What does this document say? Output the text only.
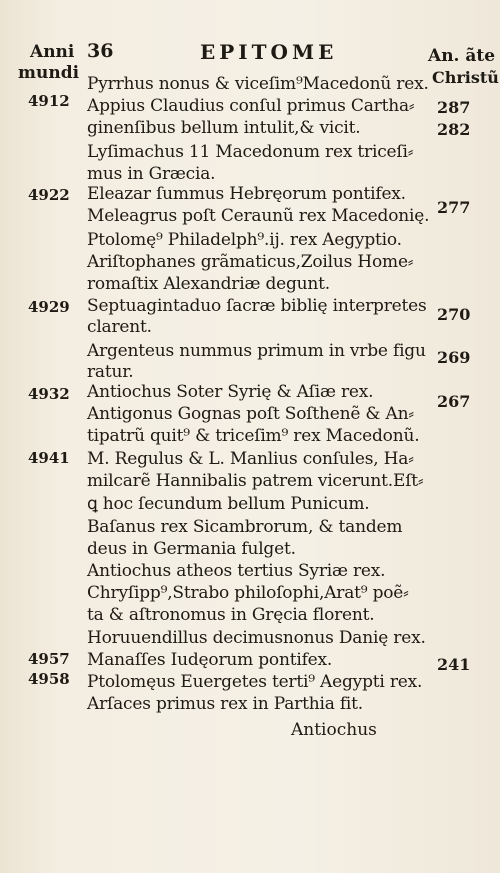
Anni
mundi
36	EPITOME	An. ãte
Christũ
4912
4922
4929
4932
4941
4957
4958
287
282
277
270
269
267
241
Pyrrhus nonus & viceſim⁹Macedonũ rex.
Appius Claudius conſul primus Cartha⸗
ginenſibus bellum intulit,& vicit.
Lyſimachus 11 Macedonum rex triceſi⸗
mus in Græcia.
Eleazar ſummus Hebręorum pontifex.
Meleagrus poſt Ceraunũ rex Macedonię.
Ptolomę⁹ Philadelph⁹.ij. rex Aegyptio.
Ariſtophanes grãmaticus,Zoilus Home⸗
romaſtix Alexandriæ degunt.
Septuagintaduo ſacræ biblię interpretes
clarent.
Argenteus nummus primum in vrbe figu
ratur.
Antiochus Soter Syrię & Aſiæ rex.
Antigonus Gognas poſt Soſthenẽ & An⸗
tipatrũ quit⁹ & triceſim⁹ rex Macedonũ.
M. Regulus & L. Manlius conſules, Ha⸗
milcarẽ Hannibalis patrem vicerunt.Eſt⸗
ꝗ hoc ſecundum bellum Punicum.
Baſanus rex Sicambrorum, & tandem
deus in Germania fulget.
Antiochus atheos tertius Syriæ rex.
Chryſipp⁹,Strabo philoſophi,Arat⁹ poẽ⸗
ta & aſtronomus in Gręcia florent.
Horuuendillus decimusnonus Danię rex.
Manaſſes Iudęorum pontifex.
Ptolomęus Euergetes terti⁹ Aegypti rex.
Arſaces primus rex in Parthia fit.
Antiochus
